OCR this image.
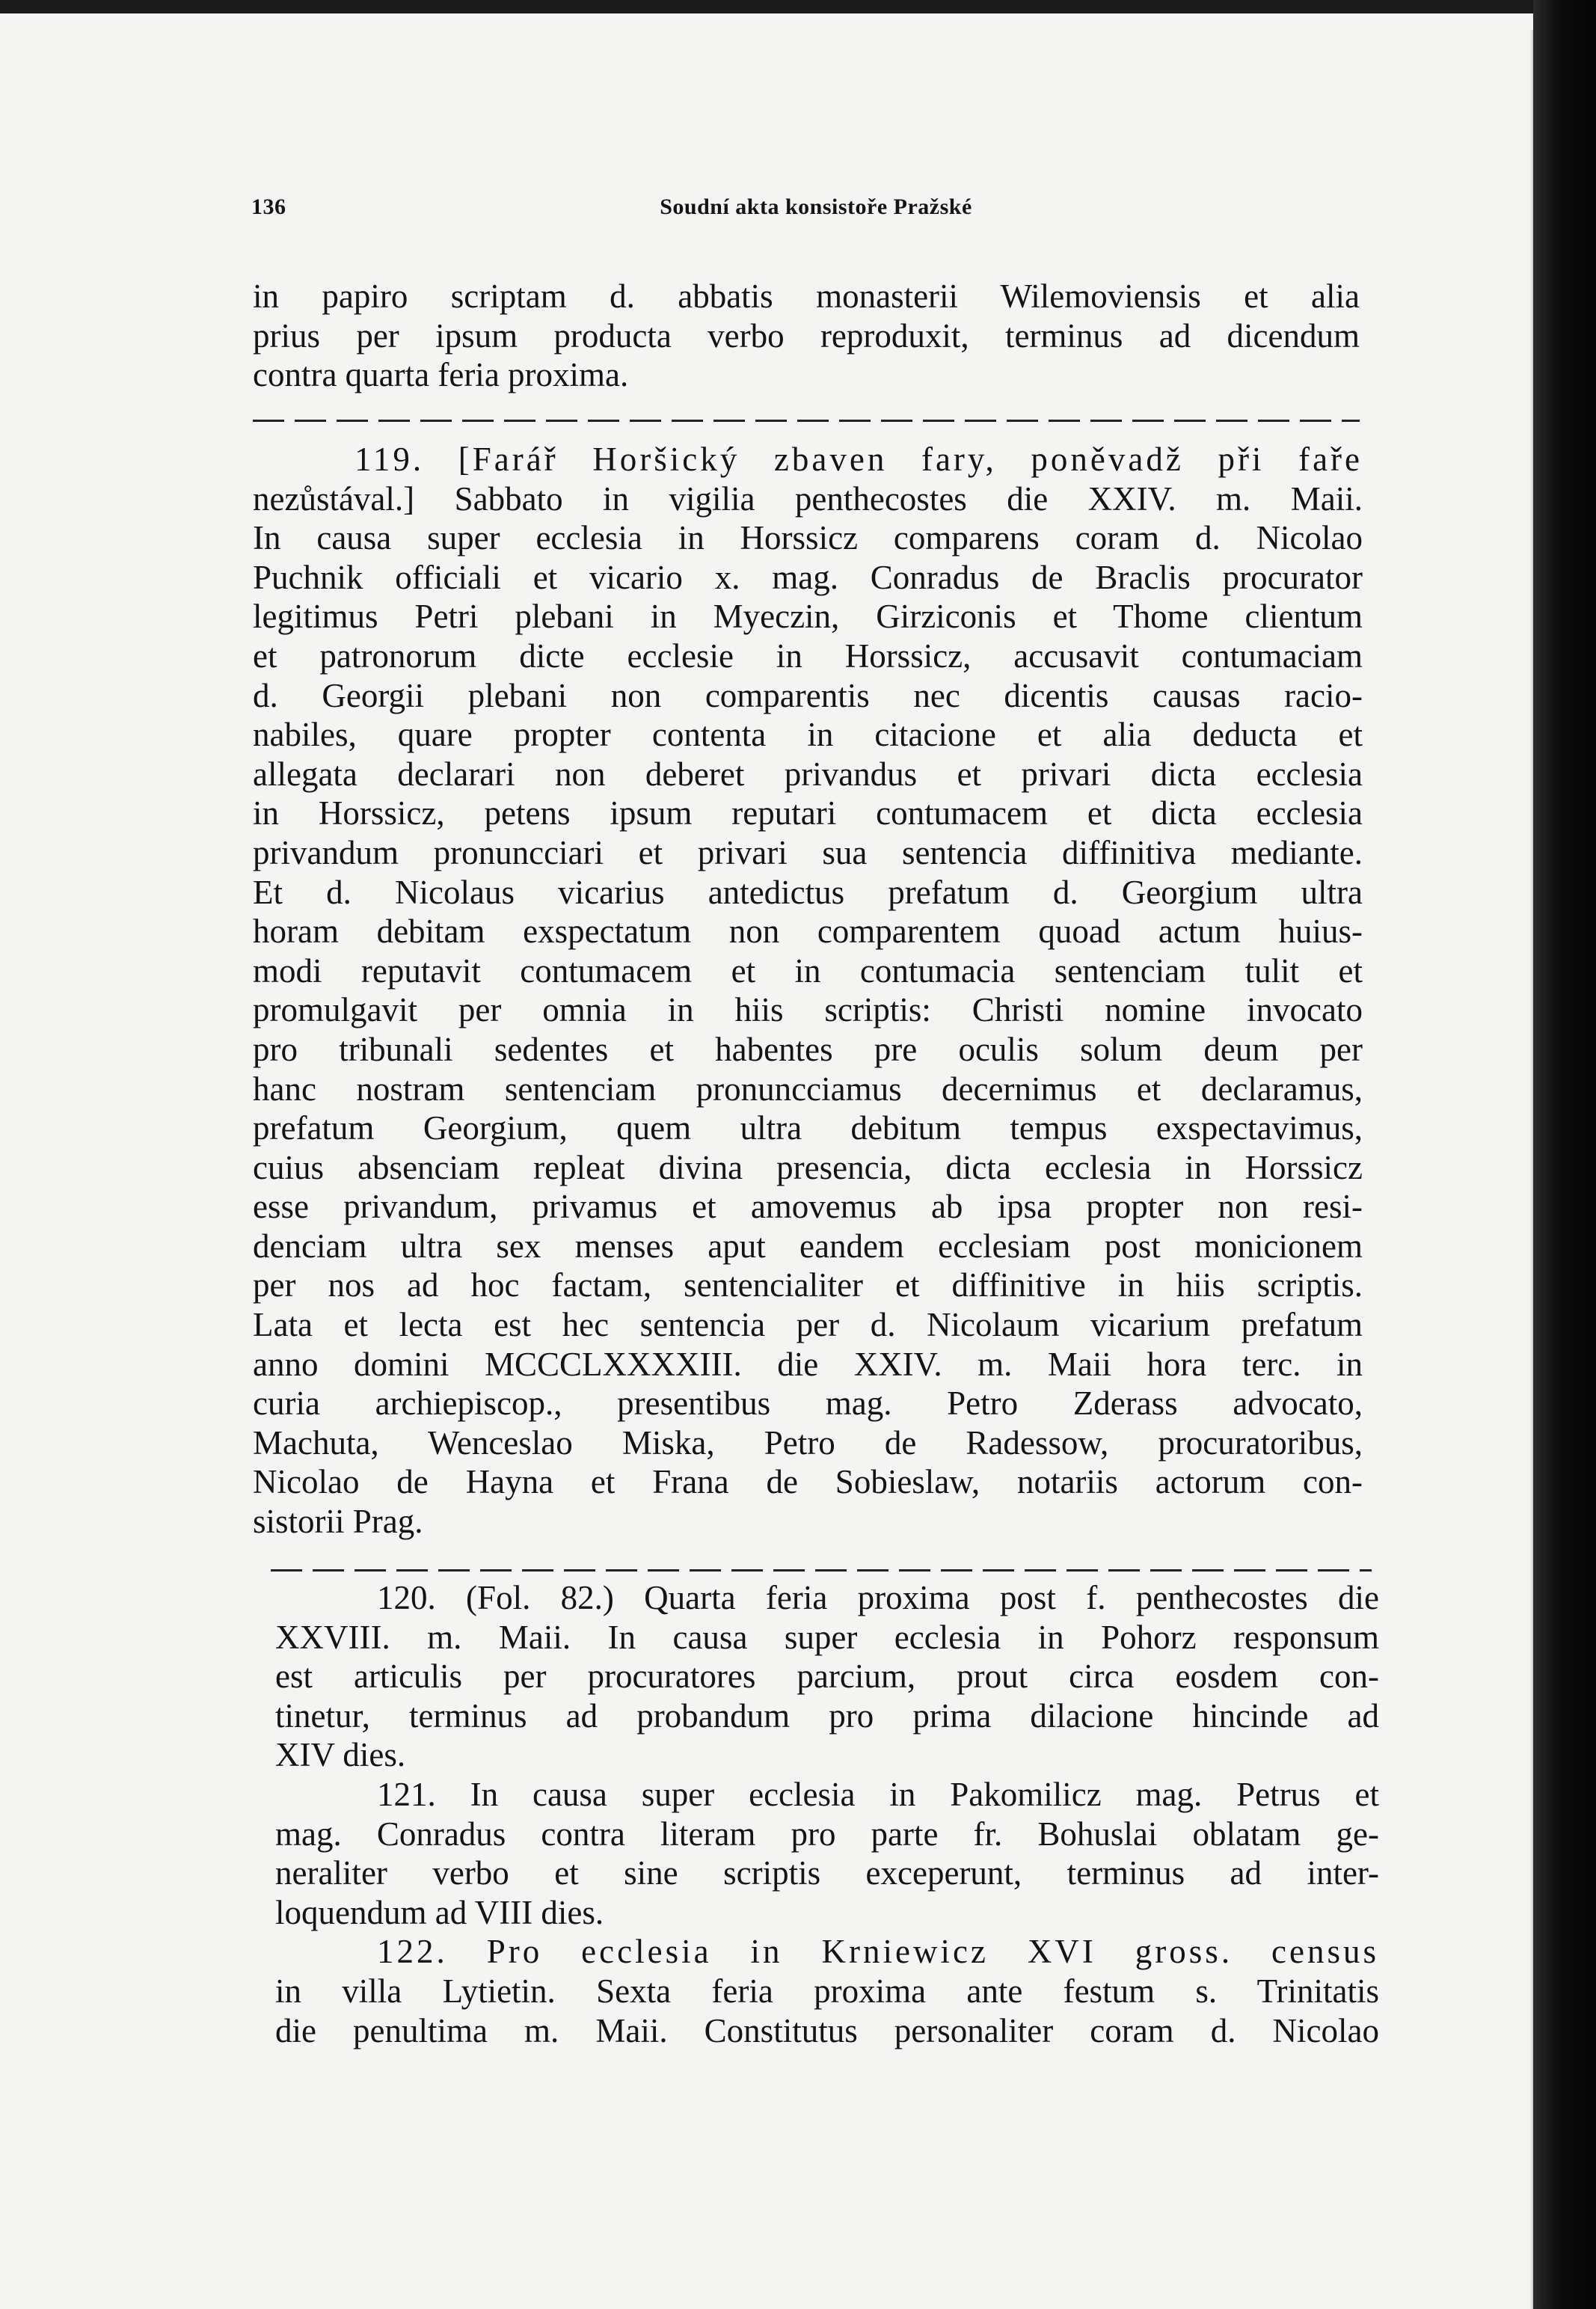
136	Soudní akta konsistoře Pražské

in papiro scriptam d. abbatis monasterii Wilemoviensis et alia

prius per ipsum producta verbo reproduxit, terminus ad dicendum

contra quarta feria proxima.

119. [Farář Horšický zbaven fary, poněvadž při faře

nezůstával.] Sabbato in vigilia penthecostes die XXIV. m. Maii.

In causa super ecclesia in Horssicz comparens coram d. Nicolao

Puchnik officiali et vicario x. mag. Conradus de Braclis procurator

legitimus Petri plebani in Myeczin, Girziconis et Thome clientum

et patronorum dicte ecclesie in Horssicz, accusavit contumaciam

d. Georgii plebani non comparentis nec dicentis causas racio-

nabiles, quare propter contenta in citacione et alia deducta et

allegata declarari non deberet privandus et privari dicta ecclesia

in Horssicz, petens ipsum reputari contumacem et dicta ecclesia

privandum pronuncciari et privari sua sentencia diffinitiva mediante.

Et d. Nicolaus vicarius antedictus prefatum d. Georgium ultra

horam debitam exspectatum non comparentem quoad actum huius-

modi reputavit contumacem et in contumacia sentenciam tulit et

promulgavit per omnia in hiis scriptis: Christi nomine invocato

pro tribunali sedentes et habentes pre oculis solum deum per

hanc nostram sentenciam pronuncciamus decernimus et declaramus,

prefatum Georgium, quem ultra debitum tempus exspectavimus,

cuius absenciam repleat divina presencia, dicta ecclesia in Horssicz

esse privandum, privamus et amovemus ab ipsa propter non resi-

denciam ultra sex menses aput eandem ecclesiam post monicionem

per nos ad hoc factam, sentencialiter et diffinitive in hiis scriptis.

Lata et lecta est hec sentencia per d. Nicolaum vicarium prefatum

anno domini MCCCLXXXXIII. die XXIV. m. Maii hora terc. in

curia archiepiscop., presentibus mag. Petro Zderass advocato,

Machuta, Wenceslao Miska, Petro de Radessow, procuratoribus,

Nicolao de Hayna et Frana de Sobieslaw, notariis actorum con-

sistorii Prag.

120. (Fol. 82.) Quarta feria proxima post f. penthecostes die

XXVIII. m. Maii. In causa super ecclesia in Pohorz responsum

est articulis per procuratores parcium, prout circa eosdem con-

tinetur, terminus ad probandum pro prima dilacione hincinde ad

XIV dies.

121. In causa super ecclesia in Pakomilicz mag. Petrus et

mag. Conradus contra literam pro parte fr. Bohuslai oblatam ge-

neraliter verbo et sine scriptis exceperunt, terminus ad inter-

loquendum ad VIII dies.

122. Pro ecclesia in Krniewicz XVI gross. census

in villa Lytietin. Sexta feria proxima ante festum s. Trinitatis

die penultima m. Maii. Constitutus personaliter coram d. Nicolao
